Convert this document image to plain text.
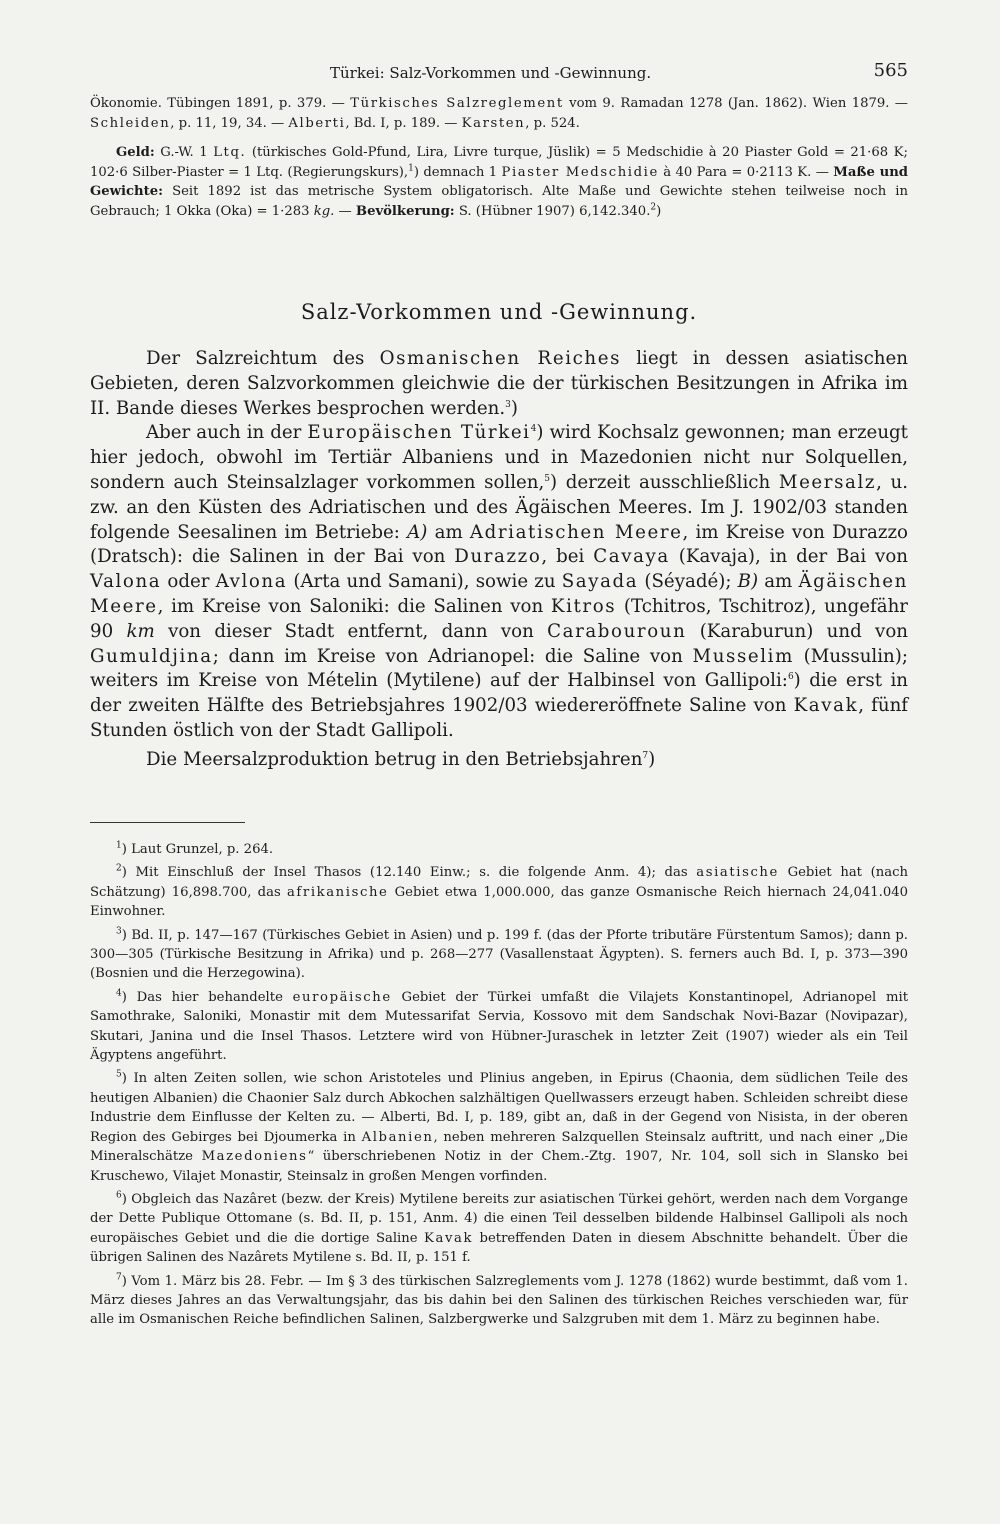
Türkei: Salz-Vorkommen und -Gewinnung.	565

Ökonomie. Tübingen 1891, p. 379. — Türkisches Salzreglement vom 9. Ramadan 1278 (Jan. 1862). Wien 1879. — Schleiden, p. 11, 19, 34. — Alberti, Bd. I, p. 189. — Karsten, p. 524.

Geld: G.-W. 1 Ltq. (türkisches Gold-Pfund, Lira, Livre turque, Jüslik) = 5 Medschidie à 20 Piaster Gold = 21·68 K; 102·6 Silber-Piaster = 1 Ltq. (Regierungskurs),$^1$) demnach 1 Piaster Medschidie à 40 Para = 0·2113 K. — Maße und Gewichte: Seit 1892 ist das metrische System obligatorisch. Alte Maße und Gewichte stehen teilweise noch in Gebrauch; 1 Okka (Oka) = 1·283 kg. — Bevölkerung: S. (Hübner 1907) 6,142.340.$^2$)

Salz-Vorkommen und -Gewinnung.

Der Salzreichtum des Osmanischen Reiches liegt in dessen asiatischen Gebieten, deren Salzvorkommen gleichwie die der türkischen Besitzungen in Afrika im II. Bande dieses Werkes besprochen werden.$^3$)

Aber auch in der Europäischen Türkei$^4$) wird Kochsalz gewonnen; man erzeugt hier jedoch, obwohl im Tertiär Albaniens und in Mazedonien nicht nur Solquellen, sondern auch Steinsalzlager vorkommen sollen,$^5$) derzeit ausschließlich Meersalz, u. zw. an den Küsten des Adriatischen und des Ägäischen Meeres. Im J. 1902/03 standen folgende Seesalinen im Betriebe: A) am Adriatischen Meere, im Kreise von Durazzo (Dratsch): die Salinen in der Bai von Durazzo, bei Cavaya (Kavaja), in der Bai von Valona oder Avlona (Arta und Samani), sowie zu Sayada (Séyadé); B) am Ägäischen Meere, im Kreise von Saloniki: die Salinen von Kitros (Tchitros, Tschitroz), ungefähr 90 km von dieser Stadt entfernt, dann von Carabouroun (Karaburun) und von Gumuldjina; dann im Kreise von Adrianopel: die Saline von Musselim (Mussulin); weiters im Kreise von Mételin (Mytilene) auf der Halbinsel von Gallipoli:$^6$) die erst in der zweiten Hälfte des Betriebsjahres 1902/03 wiedereröffnete Saline von Kavak, fünf Stunden östlich von der Stadt Gallipoli.

Die Meersalzproduktion betrug in den Betriebsjahren$^7$)

$^1$) Laut Grunzel, p. 264.

$^2$) Mit Einschluß der Insel Thasos (12.140 Einw.; s. die folgende Anm. 4); das asiatische Gebiet hat (nach Schätzung) 16,898.700, das afrikanische Gebiet etwa 1,000.000, das ganze Osmanische Reich hiernach 24,041.040 Einwohner.

$^3$) Bd. II, p. 147—167 (Türkisches Gebiet in Asien) und p. 199 f. (das der Pforte tributäre Fürstentum Samos); dann p. 300—305 (Türkische Besitzung in Afrika) und p. 268—277 (Vasallenstaat Ägypten). S. ferners auch Bd. I, p. 373—390 (Bosnien und die Herzegowina).

$^4$) Das hier behandelte europäische Gebiet der Türkei umfaßt die Vilajets Konstantinopel, Adrianopel mit Samothrake, Saloniki, Monastir mit dem Mutessarifat Servia, Kossovo mit dem Sandschak Novi-Bazar (Novipazar), Skutari, Janina und die Insel Thasos. Letztere wird von Hübner-Juraschek in letzter Zeit (1907) wieder als ein Teil Ägyptens angeführt.

$^5$) In alten Zeiten sollen, wie schon Aristoteles und Plinius angeben, in Epirus (Chaonia, dem südlichen Teile des heutigen Albanien) die Chaonier Salz durch Abkochen salzhältigen Quellwassers erzeugt haben. Schleiden schreibt diese Industrie dem Einflusse der Kelten zu. — Alberti, Bd. I, p. 189, gibt an, daß in der Gegend von Nisista, in der oberen Region des Gebirges bei Djoumerka in Albanien, neben mehreren Salzquellen Steinsalz auftritt, und nach einer „Die Mineralschätze Mazedoniens“ überschriebenen Notiz in der Chem.-Ztg. 1907, Nr. 104, soll sich in Slansko bei Kruschewo, Vilajet Monastir, Steinsalz in großen Mengen vorfinden.

$^6$) Obgleich das Nazâret (bezw. der Kreis) Mytilene bereits zur asiatischen Türkei gehört, werden nach dem Vorgange der Dette Publique Ottomane (s. Bd. II, p. 151, Anm. 4) die einen Teil desselben bildende Halbinsel Gallipoli als noch europäisches Gebiet und die die dortige Saline Kavak betreffenden Daten in diesem Abschnitte behandelt. Über die übrigen Salinen des Nazârets Mytilene s. Bd. II, p. 151 f.

$^7$) Vom 1. März bis 28. Febr. — Im § 3 des türkischen Salzreglements vom J. 1278 (1862) wurde bestimmt, daß vom 1. März dieses Jahres an das Verwaltungsjahr, das bis dahin bei den Salinen des türkischen Reiches verschieden war, für alle im Osmanischen Reiche befindlichen Salinen, Salzbergwerke und Salzgruben mit dem 1. März zu beginnen habe.
